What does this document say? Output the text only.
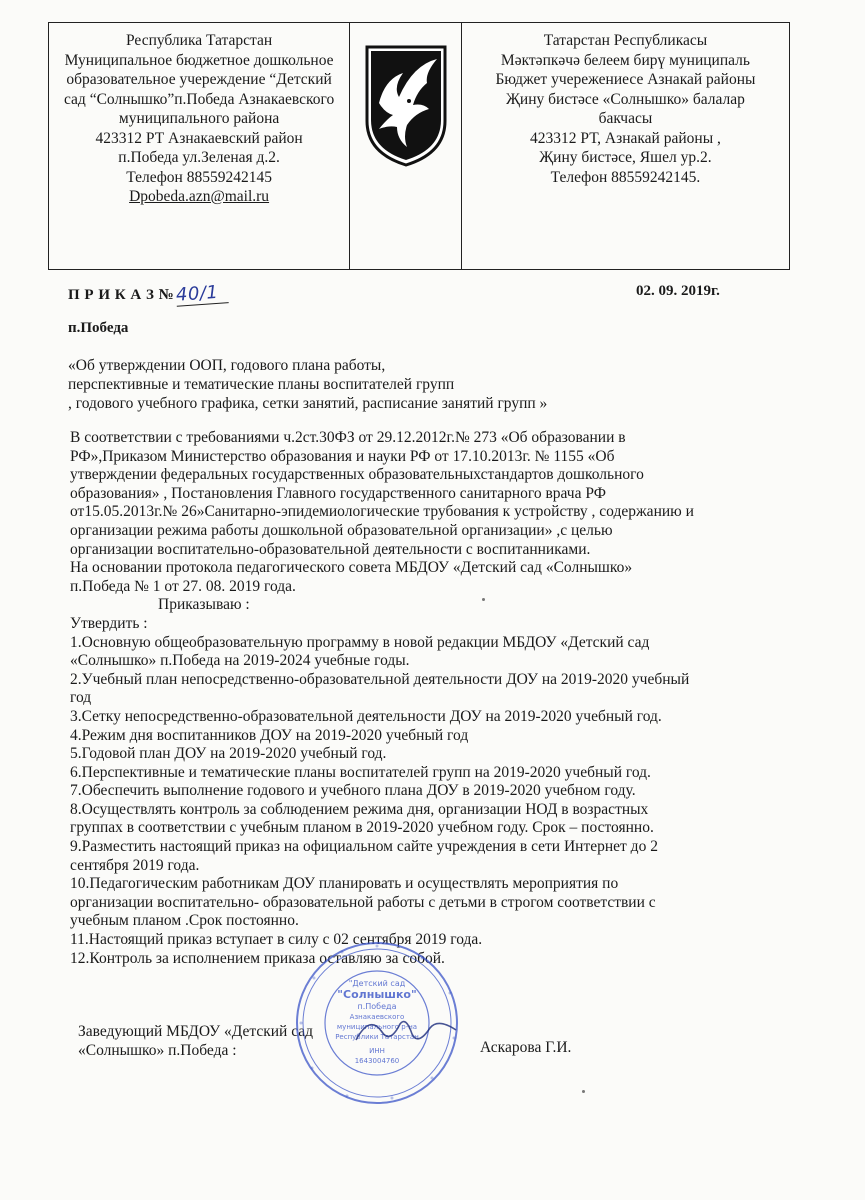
Республика Татарстан
Муниципальное бюджетное дошкольное
образовательное учереждение “Детский
сад “Солнышко”п.Победа Азнакаевского
муниципального района
423312 РТ Азнакаевский район
п.Победа ул.Зеленая д.2.
Телефон 88559242145
Dpobeda.azn@mail.ru
Татарстан Республикасы
Мәктәпкәчә белеем бирү муниципаль
Бюджет учережениесе Азнакай районы
Җину бистәсе «Солнышко» балалар
бакчасы
423312 РТ, Азнакай районы ,
Җину бистәсе, Яшел ур.2.
Телефон 88559242145.
П Р И К А З №40/1	02. 09. 2019г.
п.Победа
«Об утверждении ООП, годового плана работы,
перспективные и тематические планы воспитателей групп
, годового учебного графика, сетки занятий, расписание занятий групп »
В соответствии с требованиями ч.2ст.30ФЗ от 29.12.2012г.№ 273 «Об образовании в
РФ»,Приказом Министерство образования и науки РФ от 17.10.2013г. № 1155 «Об
утверждении федеральных государственных образовательныхстандартов дошкольного
образования» , Постановления Главного государственного санитарного врача РФ
от15.05.2013г.№ 26»Санитарно-эпидемиологические трубования к устройству , содержанию и
организации режима работы дошкольной образовательной организации» ,с целью
организации воспитательно-образовательной деятельности с воспитанниками.
На основании протокола педагогического совета МБДОУ «Детский сад «Солнышко»
п.Победа № 1 от 27. 08. 2019 года.
Приказываю :
Утвердить :
1.Основную общеобразовательную программу в новой редакции МБДОУ «Детский сад
«Солнышко» п.Победа на 2019-2024 учебные годы.
2.Учебный план непосредственно-образовательной деятельности ДОУ на 2019-2020 учебный
год
3.Сетку непосредственно-образовательной деятельности ДОУ на 2019-2020 учебный год.
4.Режим дня воспитанников ДОУ на 2019-2020 учебный год
5.Годовой план ДОУ на 2019-2020 учебный год.
6.Перспективные и тематические планы воспитателей групп на 2019-2020 учебный год.
7.Обеспечить выполнение годового и учебного плана ДОУ в 2019-2020 учебном году.
8.Осуществлять контроль за соблюдением режима дня, организации НОД в возрастных
группах в соответствии с учебным планом в 2019-2020 учебном году. Срок – постоянно.
9.Разместить настоящий приказ на официальном сайте учреждения в сети Интернет до 2
сентября 2019 года.
10.Педагогическим работникам ДОУ планировать и осуществлять мероприятия по
организации воспитательно- образовательной работы с детьми в строгом соответствии с
учебным планом .Срок постоянно.
11.Настоящий приказ вступает в силу с 02 сентября 2019 года.
12.Контроль за исполнением приказа оставляю за собой.
Заведующий МБДОУ «Детский сад
«Солнышко» п.Победа :	Аскарова Г.И.
"Детский сад
"Солнышко"
п.Победа
Азнакаевского
муниципального р-на
Республики Татарстан
ИНН
1643004760
